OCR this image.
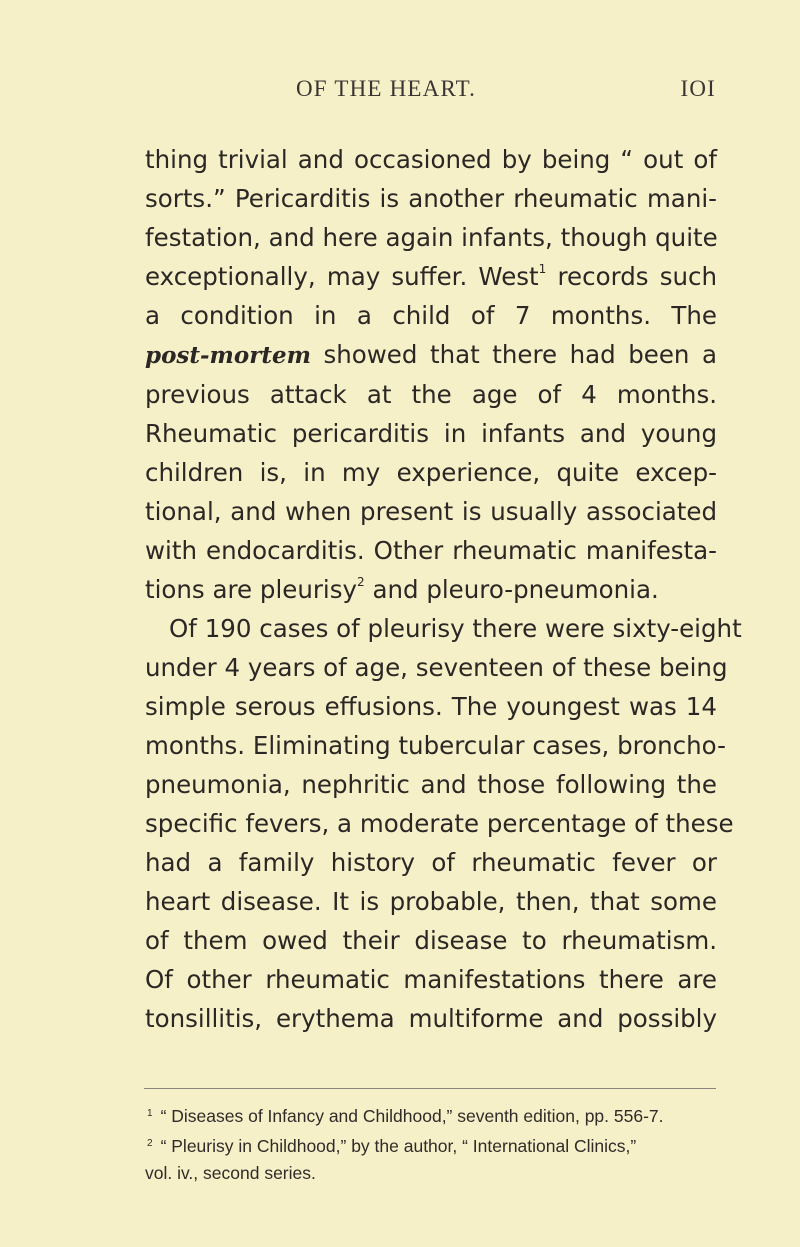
OF THE HEART.	IOI
thing trivial and occasioned by being “ out of
sorts.” Pericarditis is another rheumatic mani-
festation, and here again infants, though quite
exceptionally, may suffer. West$^1$ records such
a condition in a child of 7 months. The
post-mortem showed that there had been a
previous attack at the age of 4 months.
Rheumatic pericarditis in infants and young
children is, in my experience, quite excep-
tional, and when present is usually associated
with endocarditis. Other rheumatic manifesta-
tions are pleurisy$^2$ and pleuro-pneumonia.
Of 190 cases of pleurisy there were sixty-eight
under 4 years of age, seventeen of these being
simple serous effusions. The youngest was 14
months. Eliminating tubercular cases, broncho-
pneumonia, nephritic and those following the
specific fevers, a moderate percentage of these
had a family history of rheumatic fever or
heart disease. It is probable, then, that some
of them owed their disease to rheumatism.
Of other rheumatic manifestations there are
tonsillitis, erythema multiforme and possibly
$^1$ “ Diseases of Infancy and Childhood,” seventh edition, pp. 556-7.
$^2$ “ Pleurisy in Childhood,” by the author, “ International Clinics,”
vol. iv., second series.
